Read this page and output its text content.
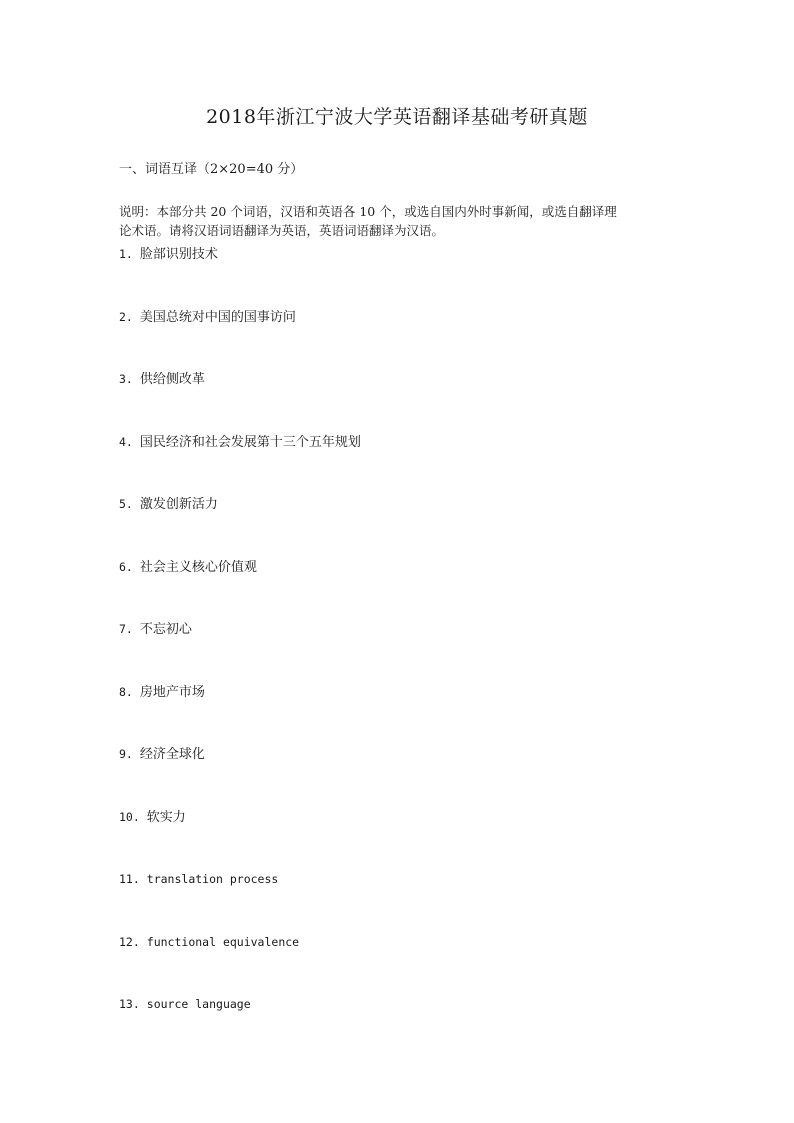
2018年浙江宁波大学英语翻译基础考研真题
一、词语互译（2×20=40 分）
说明：本部分共 20 个词语，汉语和英语各 10 个，或选自国内外时事新闻，或选自翻译理
论术语。请将汉语词语翻译为英语，英语词语翻译为汉语。
1. 脸部识别技术
2. 美国总统对中国的国事访问
3. 供给侧改革
4. 国民经济和社会发展第十三个五年规划
5. 激发创新活力
6. 社会主义核心价值观
7. 不忘初心
8. 房地产市场
9. 经济全球化
10. 软实力
11. translation process
12. functional equivalence
13. source language
